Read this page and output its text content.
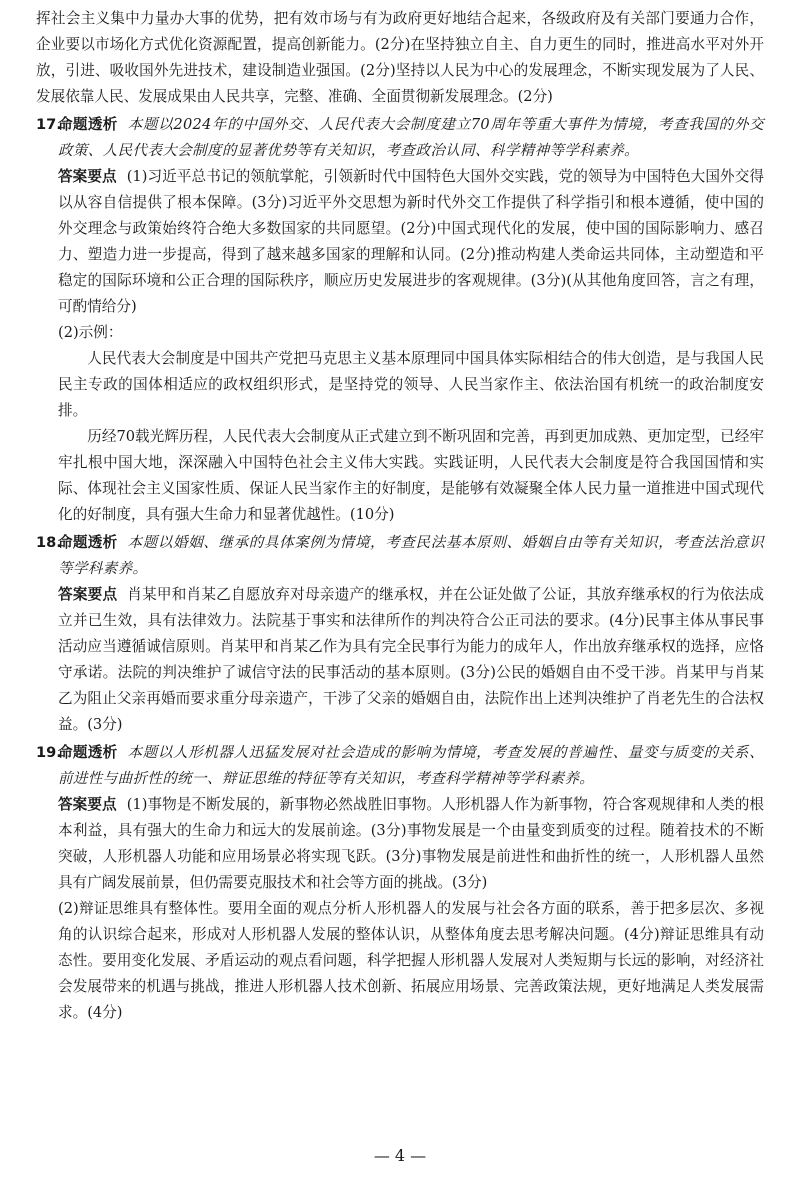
挥社会主义集中力量办大事的优势，把有效市场与有为政府更好地结合起来，各级政府及有关部门要通力合作，企业要以市场化方式优化资源配置，提高创新能力。(2分)在坚持独立自主、自力更生的同时，推进高水平对外开放，引进、吸收国外先进技术，建设制造业强国。(2分)坚持以人民为中心的发展理念，不断实现发展为了人民、发展依靠人民、发展成果由人民共享，完整、准确、全面贯彻新发展理念。(2分)

17.

命题透析 本题以2024年的中国外交、人民代表大会制度建立70周年等重大事件为情境，考查我国的外交政策、人民代表大会制度的显著优势等有关知识，考查政治认同、科学精神等学科素养。

答案要点 (1)习近平总书记的领航掌舵，引领新时代中国特色大国外交实践，党的领导为中国特色大国外交得以从容自信提供了根本保障。(3分)习近平外交思想为新时代外交工作提供了科学指引和根本遵循，使中国的外交理念与政策始终符合绝大多数国家的共同愿望。(2分)中国式现代化的发展，使中国的国际影响力、感召力、塑造力进一步提高，得到了越来越多国家的理解和认同。(2分)推动构建人类命运共同体，主动塑造和平稳定的国际环境和公正合理的国际秩序，顺应历史发展进步的客观规律。(3分)(从其他角度回答，言之有理，可酌情给分)

(2)示例：

人民代表大会制度是中国共产党把马克思主义基本原理同中国具体实际相结合的伟大创造，是与我国人民民主专政的国体相适应的政权组织形式，是坚持党的领导、人民当家作主、依法治国有机统一的政治制度安排。

历经70载光辉历程，人民代表大会制度从正式建立到不断巩固和完善，再到更加成熟、更加定型，已经牢牢扎根中国大地，深深融入中国特色社会主义伟大实践。实践证明，人民代表大会制度是符合我国国情和实际、体现社会主义国家性质、保证人民当家作主的好制度，是能够有效凝聚全体人民力量一道推进中国式现代化的好制度，具有强大生命力和显著优越性。(10分)

18.

命题透析 本题以婚姻、继承的具体案例为情境，考查民法基本原则、婚姻自由等有关知识，考查法治意识等学科素养。

答案要点 肖某甲和肖某乙自愿放弃对母亲遗产的继承权，并在公证处做了公证，其放弃继承权的行为依法成立并已生效，具有法律效力。法院基于事实和法律所作的判决符合公正司法的要求。(4分)民事主体从事民事活动应当遵循诚信原则。肖某甲和肖某乙作为具有完全民事行为能力的成年人，作出放弃继承权的选择，应恪守承诺。法院的判决维护了诚信守法的民事活动的基本原则。(3分)公民的婚姻自由不受干涉。肖某甲与肖某乙为阻止父亲再婚而要求重分母亲遗产，干涉了父亲的婚姻自由，法院作出上述判决维护了肖老先生的合法权益。(3分)

19.

命题透析 本题以人形机器人迅猛发展对社会造成的影响为情境，考查发展的普遍性、量变与质变的关系、前进性与曲折性的统一、辩证思维的特征等有关知识，考查科学精神等学科素养。

答案要点 (1)事物是不断发展的，新事物必然战胜旧事物。人形机器人作为新事物，符合客观规律和人类的根本利益，具有强大的生命力和远大的发展前途。(3分)事物发展是一个由量变到质变的过程。随着技术的不断突破，人形机器人功能和应用场景必将实现飞跃。(3分)事物发展是前进性和曲折性的统一，人形机器人虽然具有广阔发展前景，但仍需要克服技术和社会等方面的挑战。(3分)

(2)辩证思维具有整体性。要用全面的观点分析人形机器人的发展与社会各方面的联系，善于把多层次、多视角的认识综合起来，形成对人形机器人发展的整体认识，从整体角度去思考解决问题。(4分)辩证思维具有动态性。要用变化发展、矛盾运动的观点看问题，科学把握人形机器人发展对人类短期与长远的影响，对经济社会发展带来的机遇与挑战，推进人形机器人技术创新、拓展应用场景、完善政策法规，更好地满足人类发展需求。(4分)

— 4 —
